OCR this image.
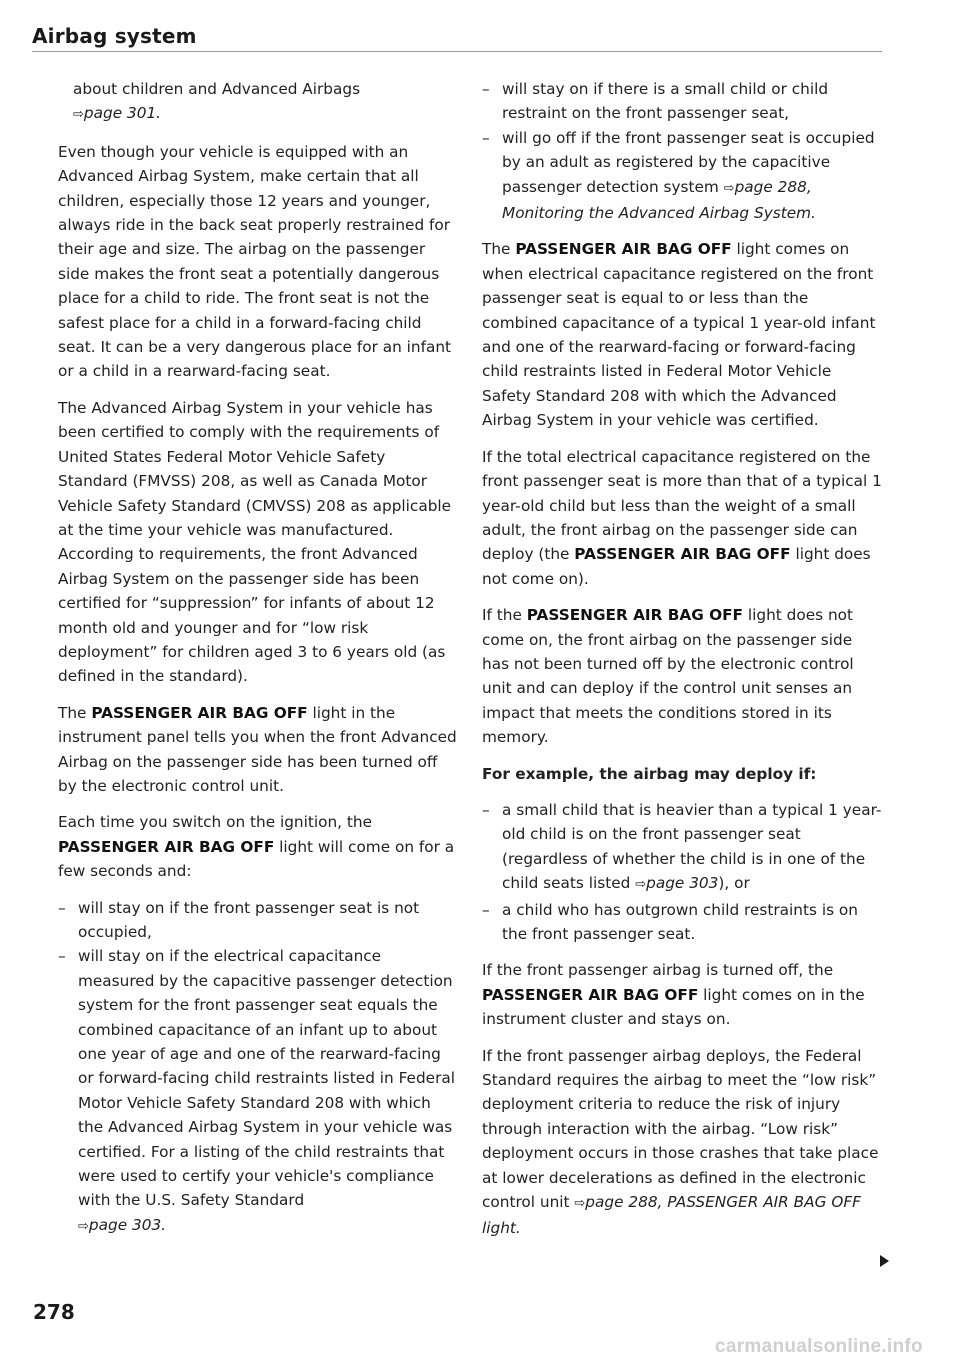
Airbag system

about children and Advanced Airbags
⇨page 301.

Even though your vehicle is equipped with an Advanced Airbag System, make certain that all children, especially those 12 years and younger, always ride in the back seat properly restrained for their age and size. The airbag on the passenger side makes the front seat a potentially dangerous place for a child to ride. The front seat is not the safest place for a child in a forward-facing child seat. It can be a very dangerous place for an infant or a child in a rearward-facing seat.

The Advanced Airbag System in your vehicle has been certified to comply with the requirements of United States Federal Motor Vehicle Safety Standard (FMVSS) 208, as well as Canada Motor Vehicle Safety Standard (CMVSS) 208 as applicable at the time your vehicle was manufactured. According to requirements, the front Advanced Airbag System on the passenger side has been certified for “suppression” for infants of about 12 month old and younger and for “low risk deployment” for children aged 3 to 6 years old (as defined in the standard).

The PASSENGER AIR BAG OFF light in the instrument panel tells you when the front Advanced Airbag on the passenger side has been turned off by the electronic control unit.

Each time you switch on the ignition, the PASSENGER AIR BAG OFF light will come on for a few seconds and:

– will stay on if the front passenger seat is not occupied,
– will stay on if the electrical capacitance measured by the capacitive passenger detection system for the front passenger seat equals the combined capacitance of an infant up to about one year of age and one of the rearward-facing or forward-facing child restraints listed in Federal Motor Vehicle Safety Standard 208 with which the Advanced Airbag System in your vehicle was certified. For a listing of the child restraints that were used to certify your vehicle's compliance with the U.S. Safety Standard
⇨page 303.
– will stay on if there is a small child or child restraint on the front passenger seat,
– will go off if the front passenger seat is occupied by an adult as registered by the capacitive passenger detection system ⇨page 288, Monitoring the Advanced Airbag System.

The PASSENGER AIR BAG OFF light comes on when electrical capacitance registered on the front passenger seat is equal to or less than the combined capacitance of a typical 1 year-old infant and one of the rearward-facing or forward-facing child restraints listed in Federal Motor Vehicle Safety Standard 208 with which the Advanced Airbag System in your vehicle was certified.

If the total electrical capacitance registered on the front passenger seat is more than that of a typical 1 year-old child but less than the weight of a small adult, the front airbag on the passenger side can deploy (the PASSENGER AIR BAG OFF light does not come on).

If the PASSENGER AIR BAG OFF light does not come on, the front airbag on the passenger side has not been turned off by the electronic control unit and can deploy if the control unit senses an impact that meets the conditions stored in its memory.

For example, the airbag may deploy if:
– a small child that is heavier than a typical 1 year-old child is on the front passenger seat (regardless of whether the child is in one of the child seats listed ⇨page 303), or
– a child who has outgrown child restraints is on the front passenger seat.

If the front passenger airbag is turned off, the PASSENGER AIR BAG OFF light comes on in the instrument cluster and stays on.

If the front passenger airbag deploys, the Federal Standard requires the airbag to meet the “low risk” deployment criteria to reduce the risk of injury through interaction with the airbag. “Low risk” deployment occurs in those crashes that take place at lower decelerations as defined in the electronic control unit ⇨page 288, PASSENGER AIR BAG OFF light.

278
carmanualsonline.info
